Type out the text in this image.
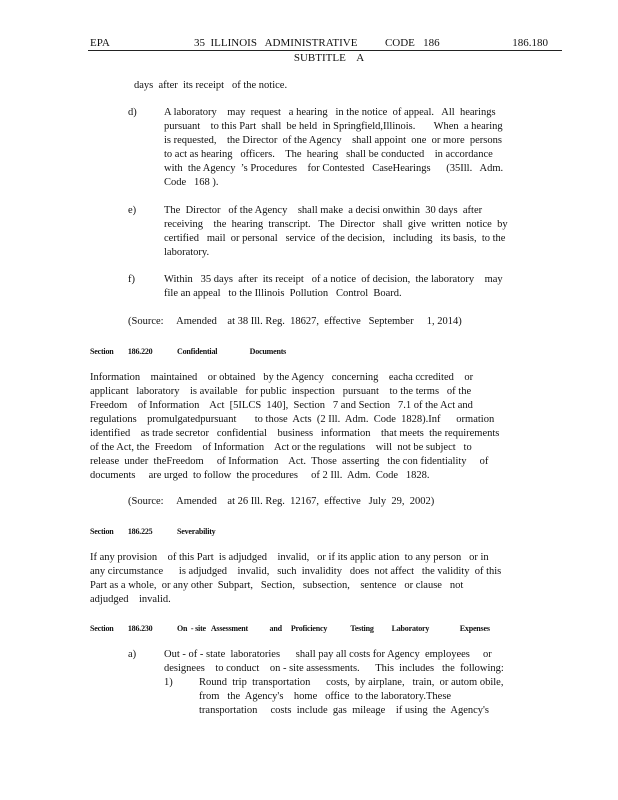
EPA	35  ILLINOIS   ADMINISTRATIVE          CODE   186	186.180
SUBTITLE    A
days  after  its receipt   of the notice.
d)	A laboratory    may  request   a hearing   in the notice  of appeal.   All  hearings
pursuant    to this Part  shall  be held  in Springfield,Illinois.       When  a hearing
is requested,    the Director  of the Agency    shall appoint  one  or more  persons
to act as hearing   officers.    The  hearing   shall be conducted    in accordance
with  the Agency  ’s Procedures    for Contested   CaseHearings      (35Ill.   Adm.
Code   168 ).
e)	The  Director   of the Agency    shall make  a decisi onwithin  30 days  after
receiving    the  hearing  transcript.   The  Director   shall  give  written  notice  by
certified   mail  or personal   service  of the decision,   including   its basis,  to the
laboratory.
f)	Within   35 days  after  its receipt   of a notice  of decision,  the laboratory    may
file an appeal   to the Illinois  Pollution   Control  Board.
(Source:     Amended    at 38 Ill. Reg.  18627,  effective   September     1, 2014)
Section        186.220	Confidential                  Documents
Information    maintained    or obtained   by the Agency   concerning    eacha ccredited    or
applicant   laboratory    is available   for public  inspection   pursuant    to the terms   of the
Freedom    of Information    Act  [5ILCS  140],  Section   7 and Section   7.1 of the Act and
regulations    promulgatedpursuant       to those  Acts  (2 Ill.  Adm.  Code  1828).Inf      ormation
identified    as trade secretor   confidential    business   information    that meets  the requirements
of the Act, the  Freedom    of Information    Act or the regulations    will  not be subject   to
release  under  theFreedom     of Information    Act.  Those  asserting   the con fidentiality     of
documents     are urged  to follow  the procedures     of 2 Ill.  Adm.  Code   1828.
(Source:     Amended    at 26 Ill. Reg.  12167,  effective   July  29,  2002)
Section        186.225	Severability
If any provision    of this Part  is adjudged    invalid,   or if its applic ation  to any person   or in
any circumstance      is adjudged    invalid,   such  invalidity   does  not affect   the validity  of this
Part as a whole,  or any other  Subpart,   Section,   subsection,    sentence   or clause   not
adjudged    invalid.
Section        186.230	On  - site   Assessment            and     Proficiency             Testing          Laboratory                 Expenses
a)	Out - of - state  laboratories      shall pay all costs for Agency  employees     or
designees    to conduct    on - site assessments.      This  includes   the  following:
1)	Round  trip  transportation      costs,  by airplane,   train,  or autom obile,
from   the  Agency's    home   office  to the laboratory.These
transportation     costs  include  gas  mileage    if using  the  Agency's
